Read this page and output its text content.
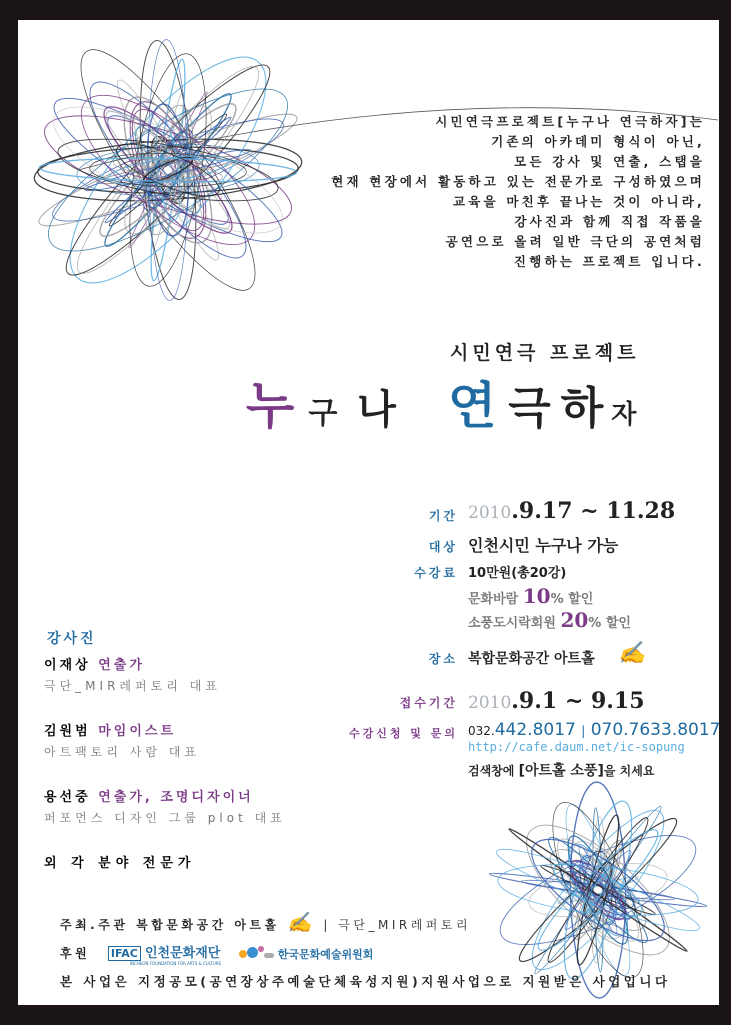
시민연극프로젝트[누구나 연극하자]는
기존의 아카데미 형식이 아닌,
모든 강사 및 연출, 스탭을
현재 현장에서 활동하고 있는 전문가로 구성하였으며
교육을 마친후 끝나는 것이 아니라,
강사진과 함께 직접 작품을
공연으로 올려 일반 극단의 공연처럼
진행하는 프로젝트 입니다.
시민연극 프로젝트
누 구 나 연 극 하 자
기간 2010.9.17 ~ 11.28
대상 인천시민 누구나 가능
수강료 10만원(총20강)
문화바람 10% 할인
소풍도시락회원 20% 할인
장소 복합문화공간 아트홀 ✍
접수기간 2010.9.1 ~ 9.15
수강신청 및 문의 032.442.8017 | 070.7633.8017
http://cafe.daum.net/ic-sopung
검색창에 [아트홀 소풍]을 치세요
강사진
이재상 연출가
극단_MIR레퍼토리 대표
김원범 마임이스트
아트팩토리 사람 대표
용선중 연출가, 조명디자이너
퍼포먼스 디자인 그룹 plot 대표
외 각 분야 전문가
주최.주관 복합문화공간 아트홀 ✍ | 극단_MIR레퍼토리
후원 IFAC 인천문화재단
INCHEON FOUNDATION FOR ARTS & CULTURE
한국문화예술위원회
본 사업은 지정공모(공연장상주예술단체육성지원)지원사업으로 지원받은 사업입니다
